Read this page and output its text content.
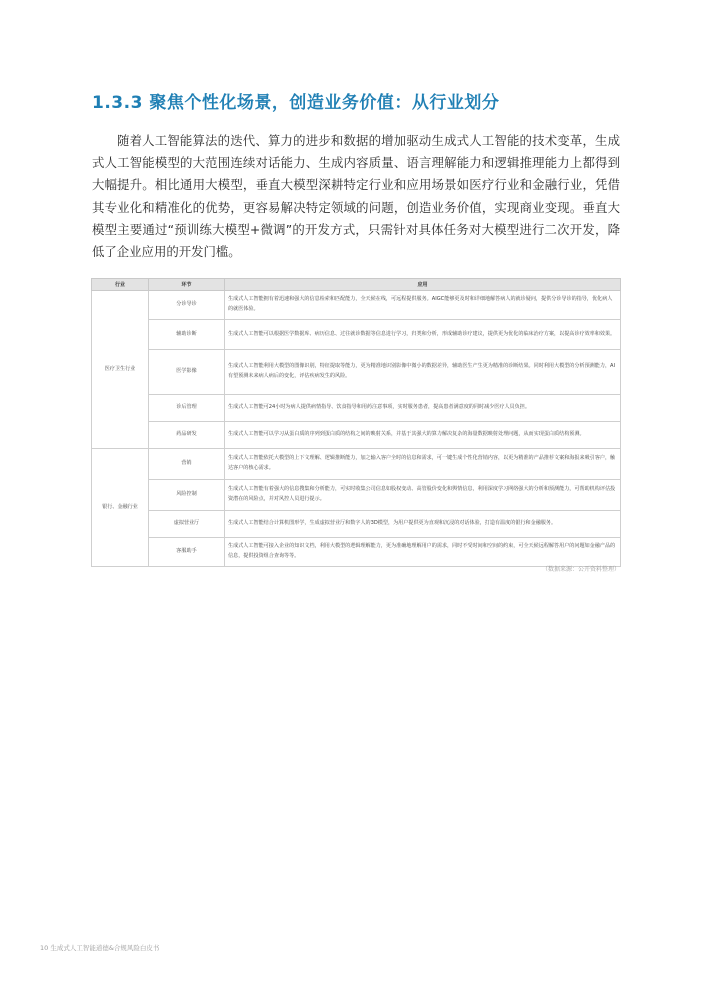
1.3.3 聚焦个性化场景，创造业务价值：从行业划分
随着人工智能算法的迭代、算力的进步和数据的增加驱动生成式人工智能的技术变革，生成式人工智能模型的大范围连续对话能力、生成内容质量、语言理解能力和逻辑推理能力上都得到大幅提升。相比通用大模型，垂直大模型深耕特定行业和应用场景如医疗行业和金融行业，凭借其专业化和精准化的优势，更容易解决特定领域的问题，创造业务价值，实现商业变现。垂直大模型主要通过“预训练大模型+微调”的开发方式，只需针对具体任务对大模型进行二次开发，降低了企业应用的开发门槛。
行业	环节	应用
医疗卫生行业	分诊导诊	生成式人工智能拥有着迅速和强大的信息检索和匹配能力，全天候在线，可远程提供服务。AIGC能够更及时和详细地解答病人的就诊疑问，提供分诊导诊的指导，优化病人的就医体验。
	辅助诊断	生成式人工智能可以根据医学数据库、病历信息、过往就诊数据等信息进行学习，归类和分析，形成辅助诊疗建议，提供更为优化的临床治疗方案，以提高诊疗效率和效果。
	医学影像	生成式人工智能利用大模型的图像识别，特征提取等能力，更为精准地识别影像中微小的数据差异，辅助医生产生更为精准的诊断结果。同时利用大模型的分析预测能力，AI有望预测未来病人病后的变化，评估疾病发生的风险。
	诊后管理	生成式人工智能可24小时为病人提供病情指导、饮食指导和用药注意事项，实时服务患者，提高患者满意度的同时减少医疗人员负担。
	药品研发	生成式人工智能可以学习从蛋白质的序列到蛋白质的结构之间的映射关系，并基于其强大的算力解决复杂的海量数据映射处理问题，从而实现蛋白质结构预测。
银行、金融行业	营销	生成式人工智能依托大模型的上下文理解、逻辑推断能力，加之输入客户全时的信息和需求，可一键生成个性化营销内容，以更为精准的产品推荐文案和海报来吸引客户，触达客户的核心需求。
	风险控制	生成式人工智能有着强大的信息搜集和分析能力，可实时收集公司信息如股权变动、高管股价变化和舆情信息，利用深度学习网络强大的分析和预测能力，可帮助机构评估投资潜在的风险点，并对风控人员进行提示。
	虚拟营业厅	生成式人工智能结合计算机图形学，生成虚拟营业厅和数字人的3D模型，为用户提供更为直观和沉浸的对话体验，打造有温度的银行和金融服务。
	客服助手	生成式人工智能可接入企业的知识文档，利用大模型的逻辑理解能力，更为准确地理解用户的需求，同时不受时间和空间的约束，可全天候远程解答用户的问题如金融产品的信息，提供投资组合查询等等。
（数据来源：公开资料整理）
10 生成式人工智能道德&合规风险白皮书
